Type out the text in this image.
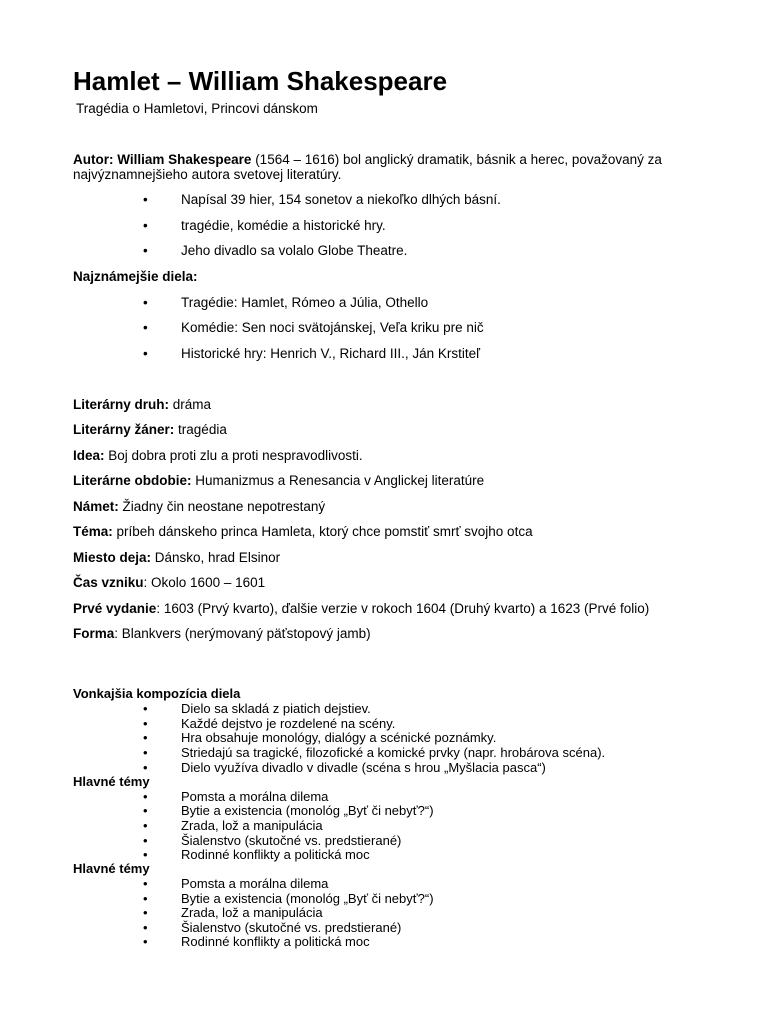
Hamlet – William Shakespeare
Tragédia o Hamletovi, Princovi dánskom
Autor: William Shakespeare (1564 – 1616) bol anglický dramatik, básnik a herec, považovaný za
najvýznamnejšieho autora svetovej literatúry.
• Napísal 39 hier, 154 sonetov a niekoľko dlhých básní.
• tragédie, komédie a historické hry.
• Jeho divadlo sa volalo Globe Theatre.
Najznámejšie diela:
• Tragédie: Hamlet, Rómeo a Júlia, Othello
• Komédie: Sen noci svätojánskej, Veľa kriku pre nič
• Historické hry: Henrich V., Richard III., Ján Krstiteľ
Literárny druh: dráma
Literárny žáner: tragédia
Idea: Boj dobra proti zlu a proti nespravodlivosti.
Literárne obdobie: Humanizmus a Renesancia v Anglickej literatúre
Námet: Žiadny čin neostane nepotrestaný
Téma: príbeh dánskeho princa Hamleta, ktorý chce pomstiť smrť svojho otca
Miesto deja: Dánsko, hrad Elsinor
Čas vzniku: Okolo 1600 – 1601
Prvé vydanie: 1603 (Prvý kvarto), ďalšie verzie v rokoch 1604 (Druhý kvarto) a 1623 (Prvé folio)
Forma: Blankvers (nerýmovaný päťstopový jamb)
Vonkajšia kompozícia diela
•	Dielo sa skladá z piatich dejstiev.
•	Každé dejstvo je rozdelené na scény.
•	Hra obsahuje monológy, dialógy a scénické poznámky.
•	Striedajú sa tragické, filozofické a komické prvky (napr. hrobárova scéna).
•	Dielo využíva divadlo v divadle (scéna s hrou „Myšlacia pasca“)
Hlavné témy
•	Pomsta a morálna dilema
•	Bytie a existencia (monológ „Byť či nebyť?“)
•	Zrada, lož a manipulácia
•	Šialenstvo (skutočné vs. predstierané)
•	Rodinné konflikty a politická moc
Hlavné témy
•	Pomsta a morálna dilema
•	Bytie a existencia (monológ „Byť či nebyť?“)
•	Zrada, lož a manipulácia
•	Šialenstvo (skutočné vs. predstierané)
•	Rodinné konflikty a politická moc
